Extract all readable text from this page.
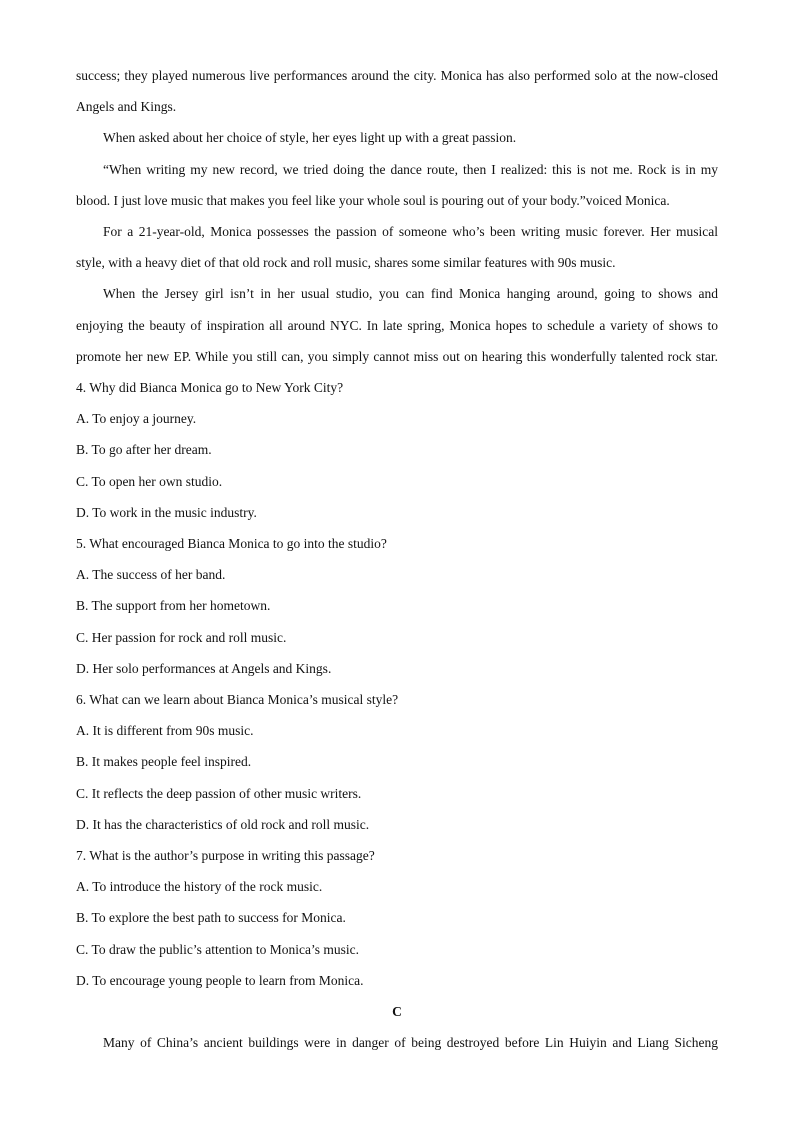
success; they played numerous live performances around the city. Monica has also performed solo at the now-closed
Angels and Kings.
When asked about her choice of style, her eyes light up with a great passion.
“When writing my new record, we tried doing the dance route, then I realized: this is not me. Rock is in my
blood. I just love music that makes you feel like your whole soul is pouring out of your body.”voiced Monica.
For a 21-year-old, Monica possesses the passion of someone who’s been writing music forever. Her musical
style, with a heavy diet of that old rock and roll music, shares some similar features with 90s music.
When the Jersey girl isn’t in her usual studio, you can find Monica hanging around, going to shows and
enjoying the beauty of inspiration all around NYC. In late spring, Monica hopes to schedule a variety of shows to
promote her new EP. While you still can, you simply cannot miss out on hearing this wonderfully talented rock star.
4. Why did Bianca Monica go to New York City?
A. To enjoy a journey.
B. To go after her dream.
C. To open her own studio.
D. To work in the music industry.
5. What encouraged Bianca Monica to go into the studio?
A. The success of her band.
B. The support from her hometown.
C. Her passion for rock and roll music.
D. Her solo performances at Angels and Kings.
6. What can we learn about Bianca Monica’s musical style?
A. It is different from 90s music.
B. It makes people feel inspired.
C. It reflects the deep passion of other music writers.
D. It has the characteristics of old rock and roll music.
7. What is the author’s purpose in writing this passage?
A. To introduce the history of the rock music.
B. To explore the best path to success for Monica.
C. To draw the public’s attention to Monica’s music.
D. To encourage young people to learn from Monica.
C
Many of China’s ancient buildings were in danger of being destroyed before Lin Huiyin and Liang Sicheng
